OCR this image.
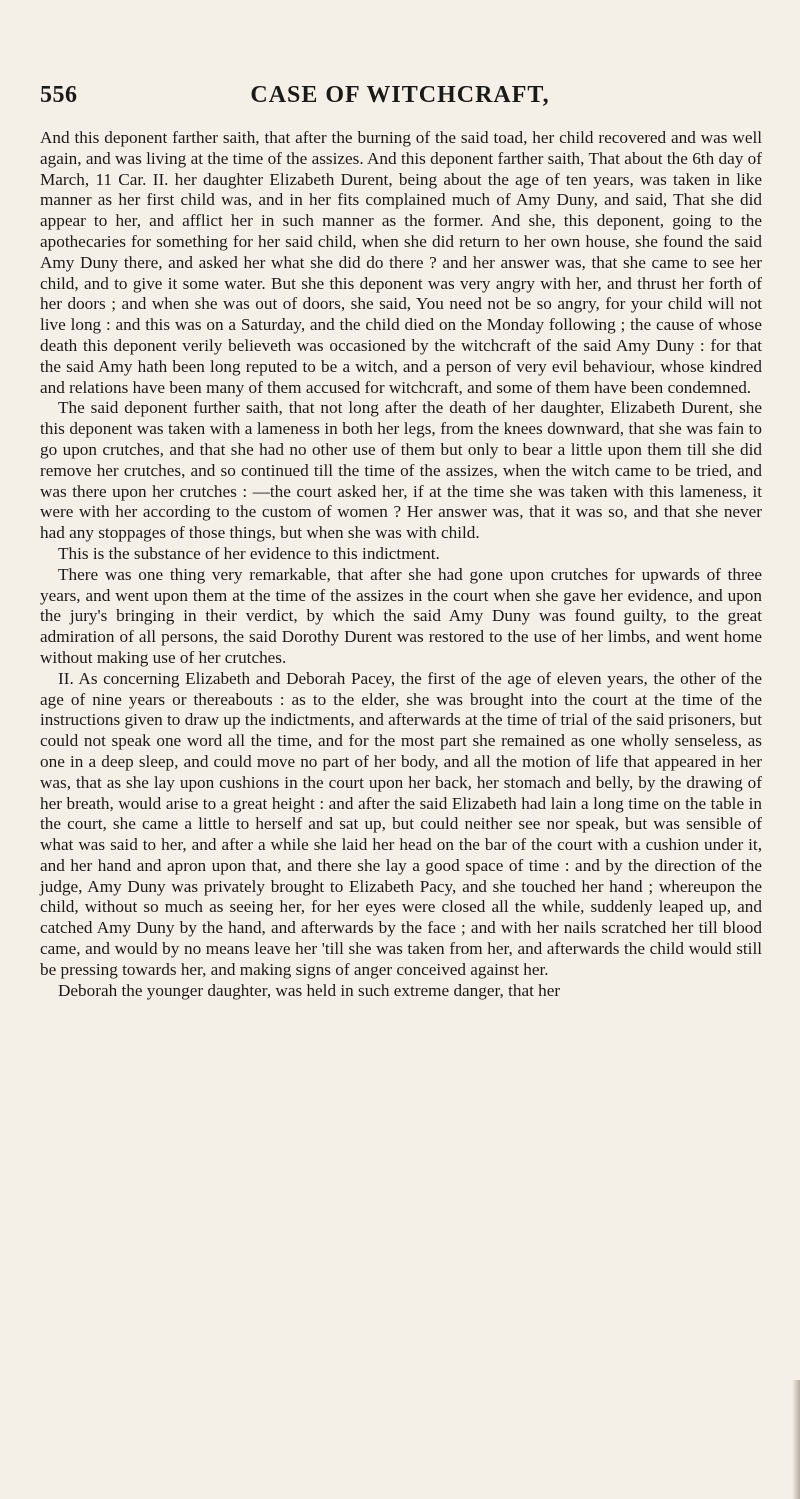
556	CASE OF WITCHCRAFT,

And this deponent farther saith, that after the burning of the said toad, her child recovered and was well again, and was living at the time of the assizes. And this deponent farther saith, That about the 6th day of March, 11 Car. II. her daughter Elizabeth Durent, being about the age of ten years, was taken in like manner as her first child was, and in her fits complained much of Amy Duny, and said, That she did appear to her, and afflict her in such manner as the former. And she, this deponent, going to the apothecaries for something for her said child, when she did return to her own house, she found the said Amy Duny there, and asked her what she did do there ? and her answer was, that she came to see her child, and to give it some water. But she this deponent was very angry with her, and thrust her forth of her doors ; and when she was out of doors, she said, You need not be so angry, for your child will not live long : and this was on a Saturday, and the child died on the Monday following ; the cause of whose death this deponent verily believeth was occasioned by the witchcraft of the said Amy Duny : for that the said Amy hath been long reputed to be a witch, and a person of very evil behaviour, whose kindred and relations have been many of them accused for witchcraft, and some of them have been condemned.

The said deponent further saith, that not long after the death of her daughter, Elizabeth Durent, she this deponent was taken with a lameness in both her legs, from the knees downward, that she was fain to go upon crutches, and that she had no other use of them but only to bear a little upon them till she did remove her crutches, and so continued till the time of the assizes, when the witch came to be tried, and was there upon her crutches : —the court asked her, if at the time she was taken with this lameness, it were with her according to the custom of women ? Her answer was, that it was so, and that she never had any stoppages of those things, but when she was with child.

This is the substance of her evidence to this indictment.

There was one thing very remarkable, that after she had gone upon crutches for upwards of three years, and went upon them at the time of the assizes in the court when she gave her evidence, and upon the jury's bringing in their verdict, by which the said Amy Duny was found guilty, to the great admiration of all persons, the said Dorothy Durent was restored to the use of her limbs, and went home without making use of her crutches.

II. As concerning Elizabeth and Deborah Pacey, the first of the age of eleven years, the other of the age of nine years or thereabouts : as to the elder, she was brought into the court at the time of the instructions given to draw up the indictments, and afterwards at the time of trial of the said prisoners, but could not speak one word all the time, and for the most part she remained as one wholly senseless, as one in a deep sleep, and could move no part of her body, and all the motion of life that appeared in her was, that as she lay upon cushions in the court upon her back, her stomach and belly, by the drawing of her breath, would arise to a great height : and after the said Elizabeth had lain a long time on the table in the court, she came a little to herself and sat up, but could neither see nor speak, but was sensible of what was said to her, and after a while she laid her head on the bar of the court with a cushion under it, and her hand and apron upon that, and there she lay a good space of time : and by the direction of the judge, Amy Duny was privately brought to Elizabeth Pacy, and she touched her hand ; whereupon the child, without so much as seeing her, for her eyes were closed all the while, suddenly leaped up, and catched Amy Duny by the hand, and afterwards by the face ; and with her nails scratched her till blood came, and would by no means leave her 'till she was taken from her, and afterwards the child would still be pressing towards her, and making signs of anger conceived against her.

Deborah the younger daughter, was held in such extreme danger, that her
